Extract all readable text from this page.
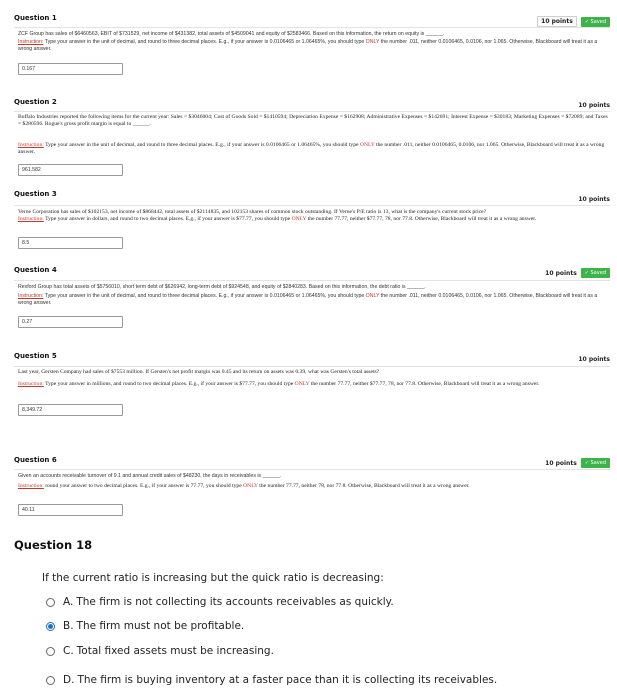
Question 1	10 points	✓ Saved
ZCF Group has sales of $6460563, EBIT of $731529, net income of $431382, total assets of $4509041 and equity of $2583466. Based on this information, the return on equity is ______.
Instruction: Type your answer in the unit of decimal, and round to three decimal places. E.g., if your answer is 0.0106465 or 1.06465%, you should type ONLY the number .011, neither 0.0106465, 0.0106, nor 1.065. Otherwise, Blackboard will treat it as a wrong answer.
0.167
Question 2	10 points
Buffalo Industries reported the following items for the current year: Sales = $3046004; Cost of Goods Sold = $1410594; Depreciation Expense = $162908; Administrative Expenses = $142691; Interest Expense = $30183; Marketing Expenses = $72089; and Taxes = $280596. Rogue's gross profit margin is equal to ______.
Instruction: Type your answer in the unit of decimal, and round to three decimal places. E.g., if your answer is 0.0106465 or 1.06465%, you should type ONLY the number .011, neither 0.0106465, 0.0106, nor 1.065. Otherwise, Blackboard will treat it as a wrong answer.
961.582
Question 3
10 points
Verne Corporation has sales of $102153, net income of $868442, total assets of $2114835, and 102153 shares of common stock outstanding. If Verne's P/E ratio is 13, what is the company's current stock price?
Instruction: Type your answer in dollars, and round to two decimal places. E.g., if your answer is $77.77, you should type ONLY the number 77.77, neither $77.77, 78, nor 77.8. Otherwise, Blackboard will treat it as a wrong answer.
8.5
Question 4	10 points	✓ Saved
Rexford Group has total assets of $5756010, short term debt of $626942, long-term debt of $924548, and equity of $2840283. Based on this information, the debt ratio is ______.
Instruction: Type your answer in the unit of decimal, and round to three decimal places. E.g., if your answer is 0.0106465 or 1.06465%, you should type ONLY the number .011, neither 0.0106465, 0.0106, nor 1.065. Otherwise, Blackboard will treat it as a wrong answer.
0.27
Question 5	10 points
Last year, Gersten Company had sales of $7553 million. If Gersten's net profit margin was 0.45 and its return on assets was 0.39, what was Gersten's total assets?
Instruction: Type your answer in millions, and round to two decimal places. E.g., if your answer is $77.77, you should type ONLY the number 77.77, neither $77.77, 78, nor 77.8. Otherwise, Blackboard will treat it as a wrong answer.
8,349.72
Question 6	10 points	✓ Saved
Given an accounts receivable turnover of 9.1 and annual credit sales of $48230, the days in receivables is ______.
Instruction: round your answer to two decimal places. E.g., if your answer is 77.77, you should type ONLY the number 77.77, neither 78, nor 77.8. Otherwise, Blackboard will treat it as a wrong answer.
40.11
Question 18
If the current ratio is increasing but the quick ratio is decreasing:
A. The firm is not collecting its accounts receivables as quickly.
B. The firm must not be profitable.
C. Total fixed assets must be increasing.
D. The firm is buying inventory at a faster pace than it is collecting its receivables.
